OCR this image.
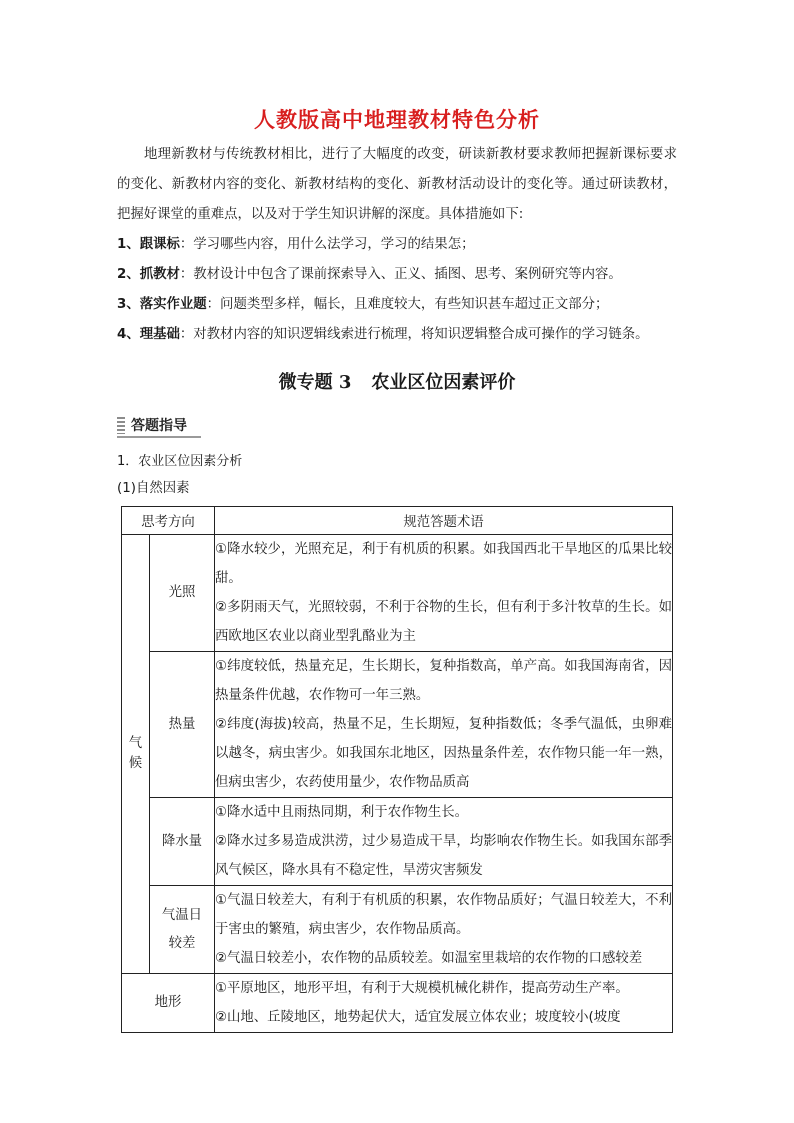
人教版高中地理教材特色分析

地理新教材与传统教材相比，进行了大幅度的改变，研读新教材要求教师把握新课标要求的变化、新教材内容的变化、新教材结构的变化、新教材活动设计的变化等。通过研读教材，把握好课堂的重难点，以及对于学生知识讲解的深度。具体措施如下:

1、跟课标：学习哪些内容，用什么法学习，学习的结果怎；
2、抓教材：教材设计中包含了课前探索导入、正义、插图、思考、案例研究等内容。
3、落实作业题：问题类型多样，幅长，且难度较大，有些知识甚车超过正文部分；
4、理基础：对教材内容的知识逻辑线索进行梳理，将知识逻辑整合成可操作的学习链条。
微专题 3 农业区位因素评价
答题指导
1．农业区位因素分析
(1)自然因素
思考方向		规范答题术语
气候	光照	①降水较少，光照充足，利于有机质的积累。如我国西北干旱地区的瓜果比较甜。

②多阴雨天气，光照较弱，不利于谷物的生长，但有利于多汁牧草的生长。如西欧地区农业以商业型乳酪业为主

	热量	①纬度较低，热量充足，生长期长，复种指数高，单产高。如我国海南省，因热量条件优越，农作物可一年三熟。

②纬度(海拔)较高，热量不足，生长期短，复种指数低；冬季气温低，虫卵难以越冬，病虫害少。如我国东北地区，因热量条件差，农作物只能一年一熟，但病虫害少，农药使用量少，农作物品质高

	降水量	①降水适中且雨热同期，利于农作物生长。

②降水过多易造成洪涝，过少易造成干旱，均影响农作物生长。如我国东部季风气候区，降水具有不稳定性，旱涝灾害频发

	气温日较差	①气温日较差大，有利于有机质的积累，农作物品质好；气温日较差大，不利于害虫的繁殖，病虫害少，农作物品质高。

②气温日较差小，农作物的品质较差。如温室里栽培的农作物的口感较差

地形		①平原地区，地形平坦，有利于大规模机械化耕作，提高劳动生产率。

②山地、丘陵地区，地势起伏大，适宜发展立体农业；坡度较小(坡度
